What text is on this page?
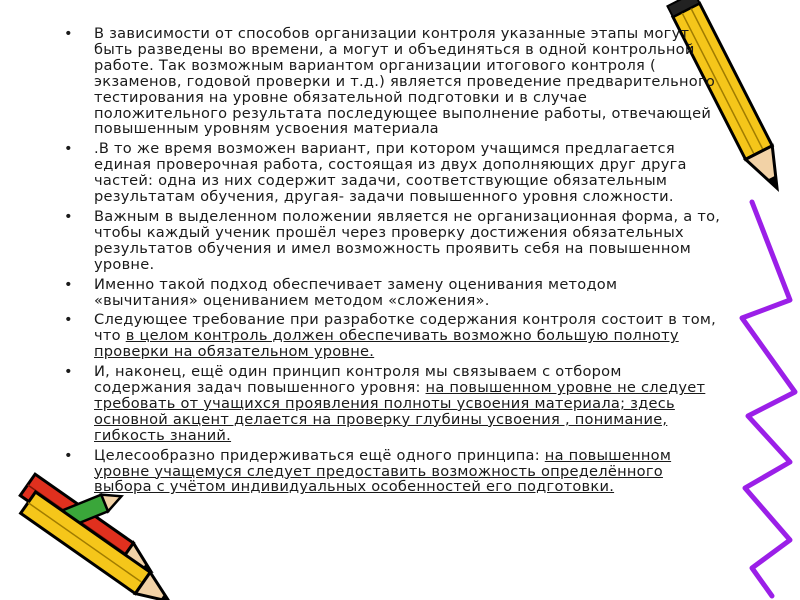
•	В зависимости от способов организации контроля указанные этапы могут быть разведены во времени, а могут и объединяться в одной контрольной работе. Так возможным вариантом организации итогового контроля ( экзаменов, годовой проверки и т.д.) является проведение предварительного тестирования на уровне обязательной подготовки и в случае положительного результата последующее выполнение работы, отвечающей повышенным уровням усвоения материала
•	.В то же время возможен вариант, при котором учащимся предлагается единая проверочная работа, состоящая из двух дополняющих друг друга частей: одна из них содержит задачи, соответствующие обязательным результатам обучения, другая- задачи повышенного уровня сложности.
•	Важным в выделенном положении является не организационная форма, а то, чтобы каждый ученик прошёл через проверку достижения обязательных результатов обучения и имел возможность проявить себя на повышенном уровне.
•	Именно такой подход обеспечивает замену оценивания методом «вычитания» оцениванием методом «сложения».
•	Следующее требование при разработке содержания контроля состоит в том, что в целом контроль должен обеспечивать возможно большую полноту проверки на обязательном уровне.
•	И, наконец, ещё один принцип контроля мы связываем с отбором содержания задач повышенного уровня: на повышенном уровне не следует требовать от учащихся проявления полноты усвоения материала; здесь основной акцент делается на проверку глубины усвоения , понимание, гибкость знаний.
•	Целесообразно придерживаться ещё одного принципа: на повышенном уровне учащемуся следует предоставить возможность определённого выбора с учётом индивидуальных особенностей его подготовки.
